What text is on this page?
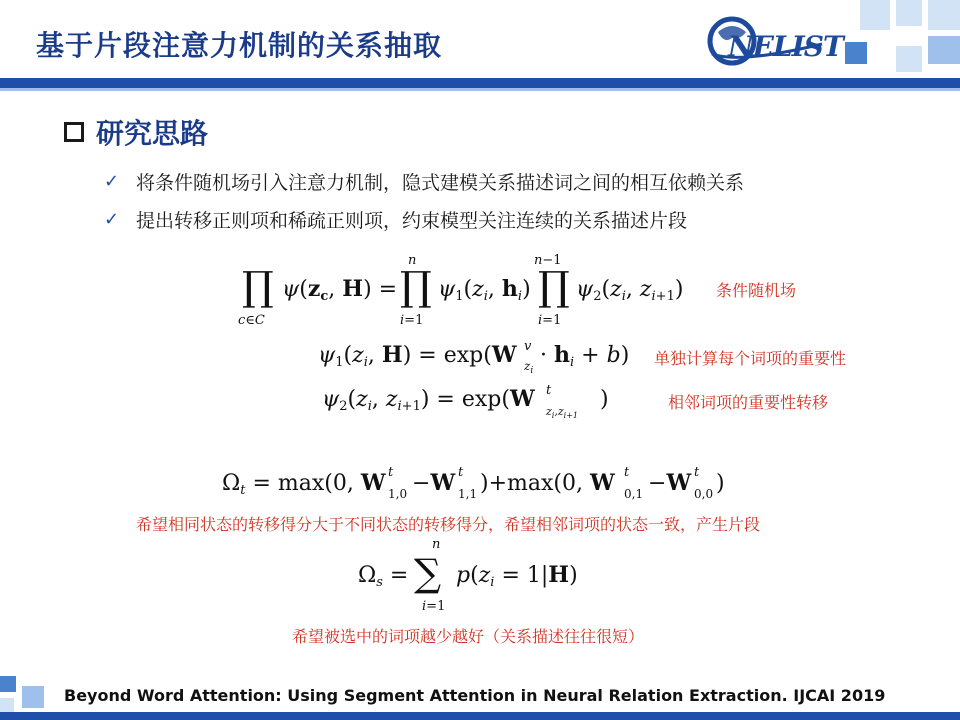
基于片段注意力机制的关系抽取	NELIST
研究思路
✓ 将条件随机场引入注意力机制，隐式建模关系描述词之间的相互依赖关系
✓ 提出转移正则项和稀疏正则项，约束模型关注连续的关系描述片段
∏
c∈C
ψ(zc, H) = ∏
n
i=1
ψ1(zi, hi) ∏
n−1
i=1
ψ2(zi, zi+1) 条件随机场
ψ1(zi, H) = exp(W v
$z_i$
· hi + b) 单独计算每个词项的重要性
ψ2(zi, zi+1) = exp(W t
$z_i,z_{i+1}$
)	相邻词项的重要性转移
Ωt = max(0, W t
1,0 −W t
1,1 )+max(0, W t
0,1 −W t
0,0 )
希望相同状态的转移得分大于不同状态的转移得分，希望相邻词项的状态一致，产生片段
Ωs = ∑
n
i=1
p(zi = 1|H)
希望被选中的词项越少越好（关系描述往往很短）
Beyond Word Attention: Using Segment Attention in Neural Relation Extraction. IJCAI 2019
